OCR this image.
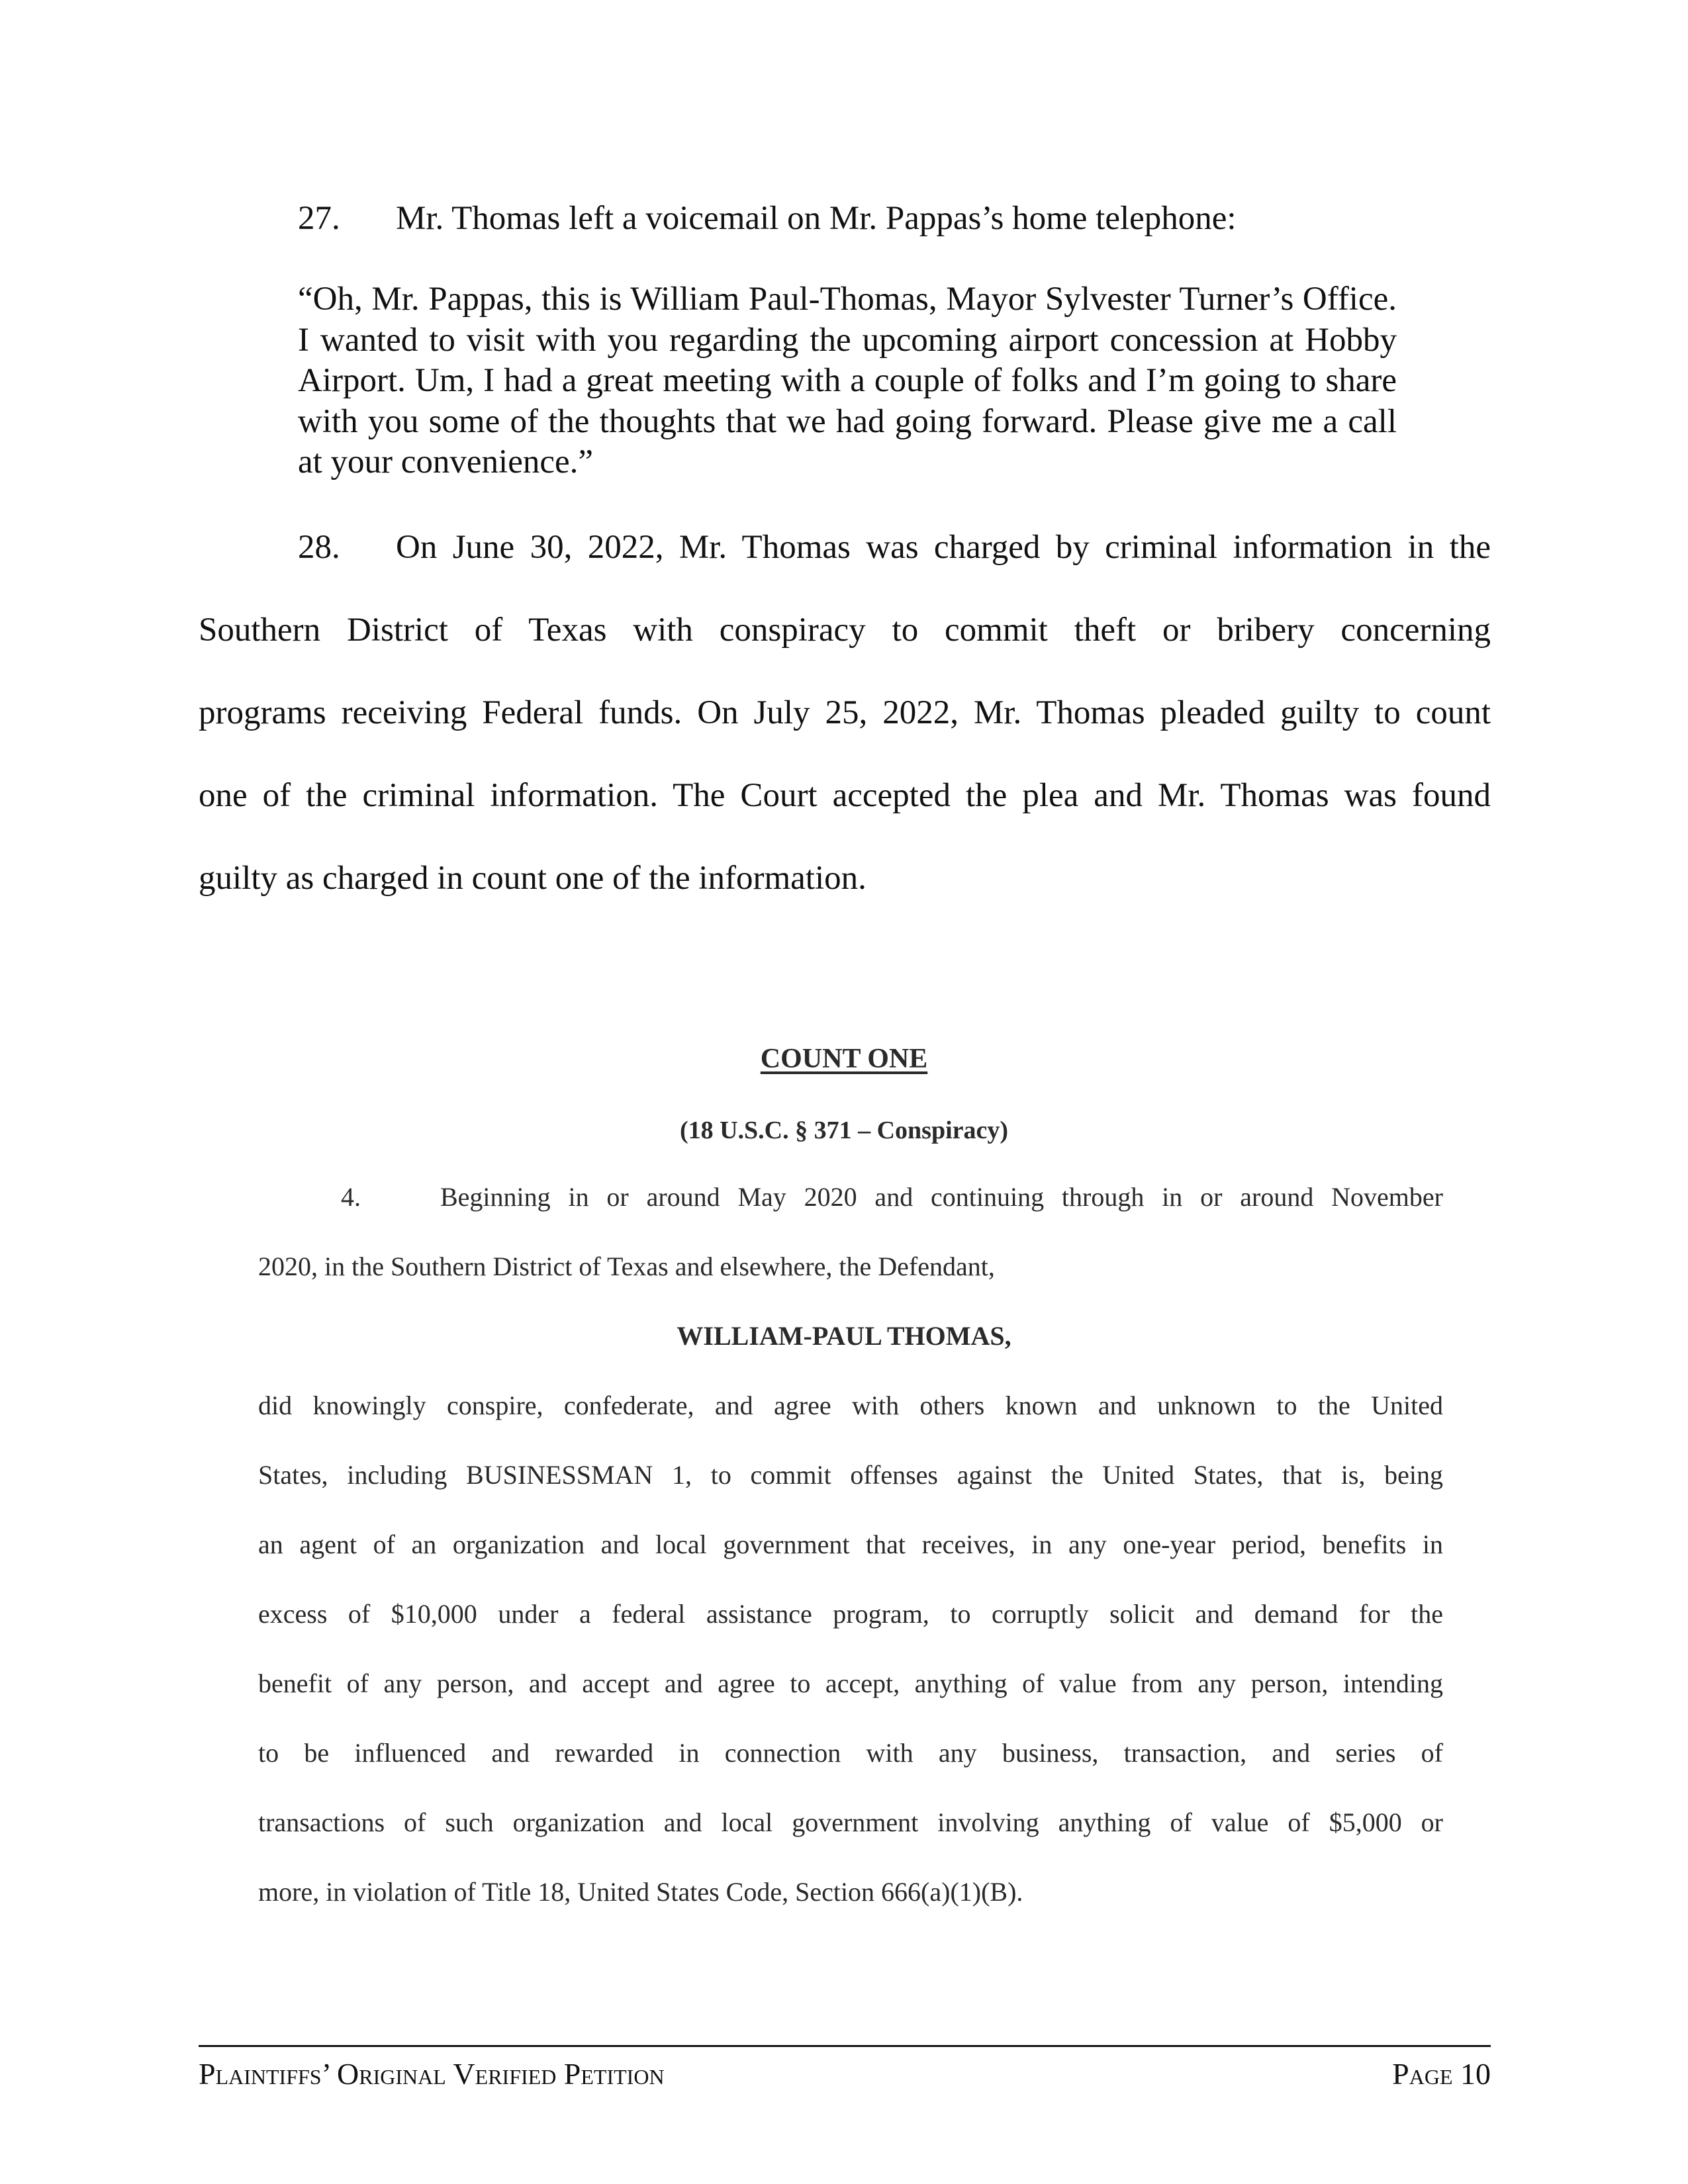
27. Mr. Thomas left a voicemail on Mr. Pappas’s home telephone:
“Oh, Mr. Pappas, this is William Paul-Thomas, Mayor Sylvester Turner’s Office. I wanted to visit with you regarding the upcoming airport concession at Hobby Airport. Um, I had a great meeting with a couple of folks and I’m going to share with you some of the thoughts that we had going forward. Please give me a call at your convenience.”
28. On June 30, 2022, Mr. Thomas was charged by criminal information in the
Southern District of Texas with conspiracy to commit theft or bribery concerning
programs receiving Federal funds. On July 25, 2022, Mr. Thomas pleaded guilty to count
one of the criminal information. The Court accepted the plea and Mr. Thomas was found
guilty as charged in count one of the information.
COUNT ONE
(18 U.S.C. § 371 – Conspiracy)
4.	Beginning in or around May 2020 and continuing through in or around November
2020, in the Southern District of Texas and elsewhere, the Defendant,
WILLIAM-PAUL THOMAS,
did knowingly conspire, confederate, and agree with others known and unknown to the United
States, including BUSINESSMAN 1, to commit offenses against the United States, that is, being
an agent of an organization and local government that receives, in any one-year period, benefits in
excess of $10,000 under a federal assistance program, to corruptly solicit and demand for the
benefit of any person, and accept and agree to accept, anything of value from any person, intending
to be influenced and rewarded in connection with any business, transaction, and series of
transactions of such organization and local government involving anything of value of $5,000 or
more, in violation of Title 18, United States Code, Section 666(a)(1)(B).
Plaintiffs’ Original Verified Petition	Page 10
